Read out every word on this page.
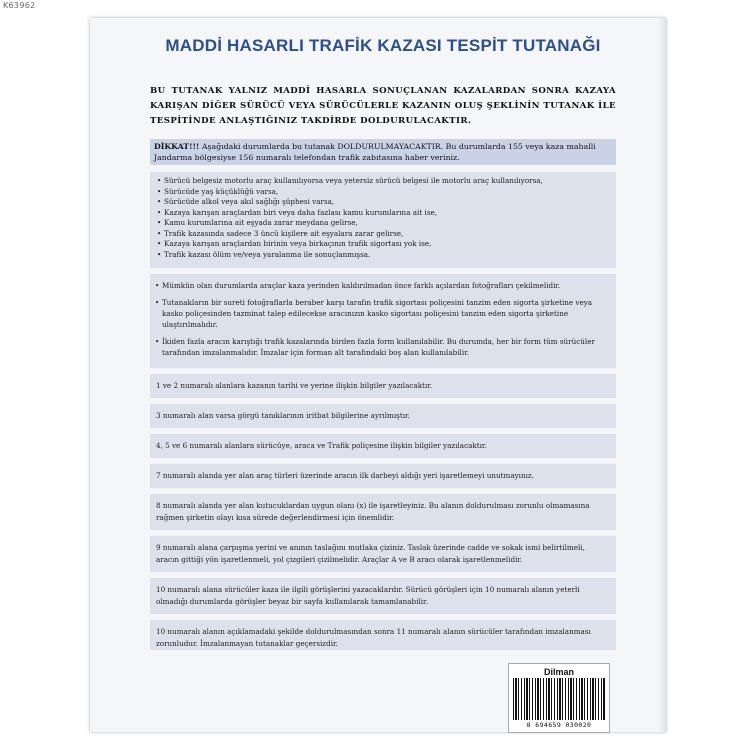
K63962
MADDİ HASARLI TRAFİK KAZASI TESPİT TUTANAĞI
BU TUTANAK YALNIZ MADDİ HASARLA SONUÇLANAN KAZALARDAN SONRA KAZAYA KARIŞAN DİĞER SÜRÜCÜ VEYA SÜRÜCÜLERLE KAZANIN OLUŞ ŞEKLİNİN TUTANAK İLE TESPİTİNDE ANLAŞTIĞINIZ TAKDİRDE DOLDURULACAKTIR.
DİKKAT!!! Aşağıdaki durumlarda bu tutanak DOLDURULMAYACAKTIR. Bu durumlarda 155 veya kaza mahalli Jandarma bölgesiyse 156 numaralı telefondan trafik zabıtasına haber veriniz.
• Sürücü belgesiz motorlu araç kullanılıyorsa veya yetersiz sürücü belgesi ile motorlu araç kullanılıyorsa,
• Sürücüde yaş küçüklüğü varsa,
• Sürücüde alkol veya akıl sağlığı şüphesi varsa,
• Kazaya karışan araçlardan biri veya daha fazlası kamu kurumlarına ait ise,
• Kamu kurumlarına ait eşyada zarar meydana gelirse,
• Trafik kazasında sadece 3 üncü kişilere ait eşyalara zarar gelirse,
• Kazaya karışan araçlardan birinin veya birkaçının trafik sigortası yok ise,
• Trafik kazası ölüm ve/veya yaralanma ile sonuçlanmışsa.
• Mümkün olan durumlarda araçlar kaza yerinden kaldırılmadan önce farklı açılardan fotoğrafları çekilmelidir.
• Tutanakların bir sureti fotoğraflarla beraber karşı tarafın trafik sigortası poliçesini tanzim eden sigorta şirketine veya kasko poliçesinden tazminat talep edilecekse aracınızın kasko sigortası poliçesini tanzim eden sigorta şirketine ulaştırılmalıdır.
• İkiden fazla aracın karıştığı trafik kazalarında birden fazla form kullanılabilir. Bu durumda, her bir form tüm sürücüler tarafından imzalanmalıdır. İmzalar için forman alt tarafındaki boş alan kullanılabilir.
1 ve 2 numaralı alanlara kazanın tarihi ve yerine ilişkin bilgiler yazılacaktır.
3 numaralı alan varsa görgü tanıklarının iritbat bilgilerine ayrılmıştır.
4, 5 ve 6 numaralı alanlara sürücüye, araca ve Trafik poliçesine ilişkin bilgiler yazılacaktır.
7 numaralı alanda yer alan araç türleri üzerinde aracın ilk darbeyi aldığı yeri işaretlemeyi unutmayınız.
8 numaralı alanda yer alan kutucuklardan uygun olanı (x) ile işaretleyiniz. Bu alanın doldurulması zorunlu olmamasına rağmen şirketin olayı kısa sürede değerlendirmesi için önemlidir.
9 numaralı alana çarpışma yerini ve anının taslağını mutlaka çiziniz. Taslak üzerinde cadde ve sokak ismi belirtilmeli, aracın gittiği yön işaretlenmeli, yol çizgileri çizilmelidir. Araçlar A ve B aracı olarak işaretlenmelidir.
10 numaralı alana sürücüler kaza ile ilgili görüşlerini yazacaklardır. Sürücü görüşleri için 10 numaralı alanın yeterli olmadığı durumlarda görüşler beyaz bir sayfa kullanılarak tamamlanabilir.
10 numaralı alanın açıklamadaki şekilde doldurulmasından sonra 11 numaralı alanın sürücüler tarafından imzalanması zorunludur. İmzalanmayan tutanaklar geçersizdir.
Dilman
8 694659 030020
